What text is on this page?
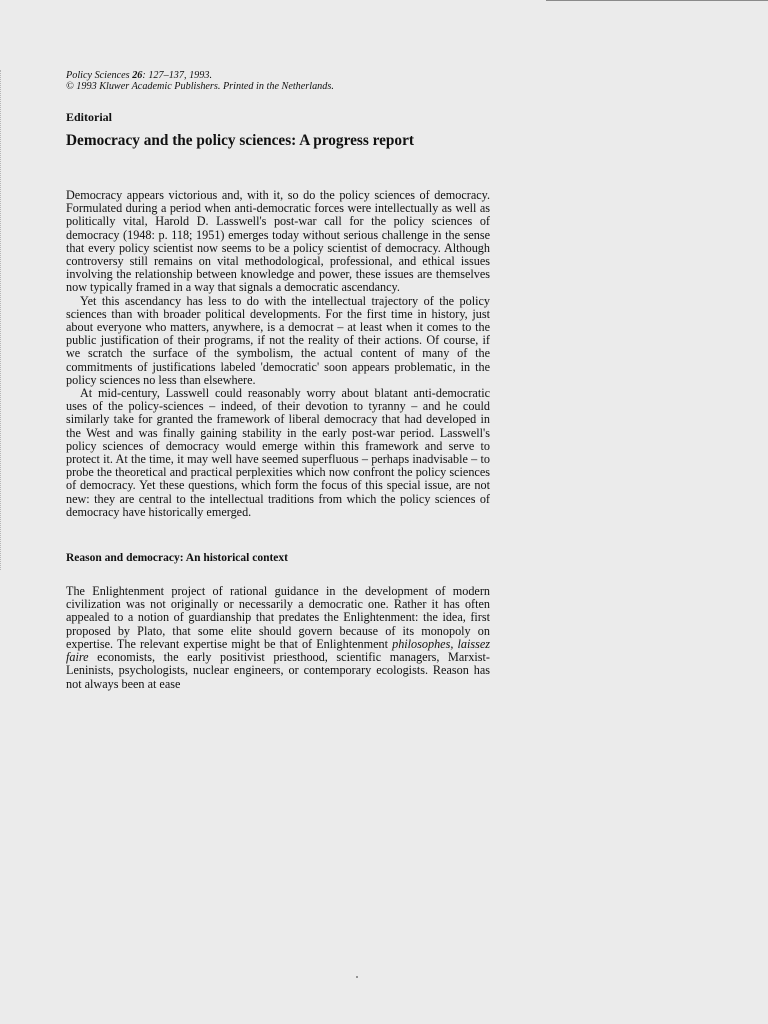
Policy Sciences 26: 127–137, 1993.
© 1993 Kluwer Academic Publishers. Printed in the Netherlands.
Editorial
Democracy and the policy sciences: A progress report

Democracy appears victorious and, with it, so do the policy sciences of democracy. Formulated during a period when anti-democratic forces were intellectually as well as politically vital, Harold D. Lasswell's post-war call for the policy sciences of democracy (1948: p. 118; 1951) emerges today without serious challenge in the sense that every policy scientist now seems to be a policy scientist of democracy. Although controversy still remains on vital methodological, professional, and ethical issues involving the relationship between knowledge and power, these issues are themselves now typically framed in a way that signals a democratic ascendancy.

Yet this ascendancy has less to do with the intellectual trajectory of the policy sciences than with broader political developments. For the first time in history, just about everyone who matters, anywhere, is a democrat – at least when it comes to the public justification of their programs, if not the reality of their actions. Of course, if we scratch the surface of the symbolism, the actual content of many of the commitments of justifications labeled 'democratic' soon appears problematic, in the policy sciences no less than elsewhere.

At mid-century, Lasswell could reasonably worry about blatant anti-democratic uses of the policy-sciences – indeed, of their devotion to tyranny – and he could similarly take for granted the framework of liberal democracy that had developed in the West and was finally gaining stability in the early post-war period. Lasswell's policy sciences of democracy would emerge within this framework and serve to protect it. At the time, it may well have seemed superfluous – perhaps inadvisable – to probe the theoretical and practical perplexities which now confront the policy sciences of democracy. Yet these questions, which form the focus of this special issue, are not new: they are central to the intellectual traditions from which the policy sciences of democracy have historically emerged.

Reason and democracy: An historical context

The Enlightenment project of rational guidance in the development of modern civilization was not originally or necessarily a democratic one. Rather it has often appealed to a notion of guardianship that predates the Enlightenment: the idea, first proposed by Plato, that some elite should govern because of its monopoly on expertise. The relevant expertise might be that of Enlightenment philosophes, laissez faire economists, the early positivist priesthood, scientific managers, Marxist-Leninists, psychologists, nuclear engineers, or contemporary ecologists. Reason has not always been at ease
